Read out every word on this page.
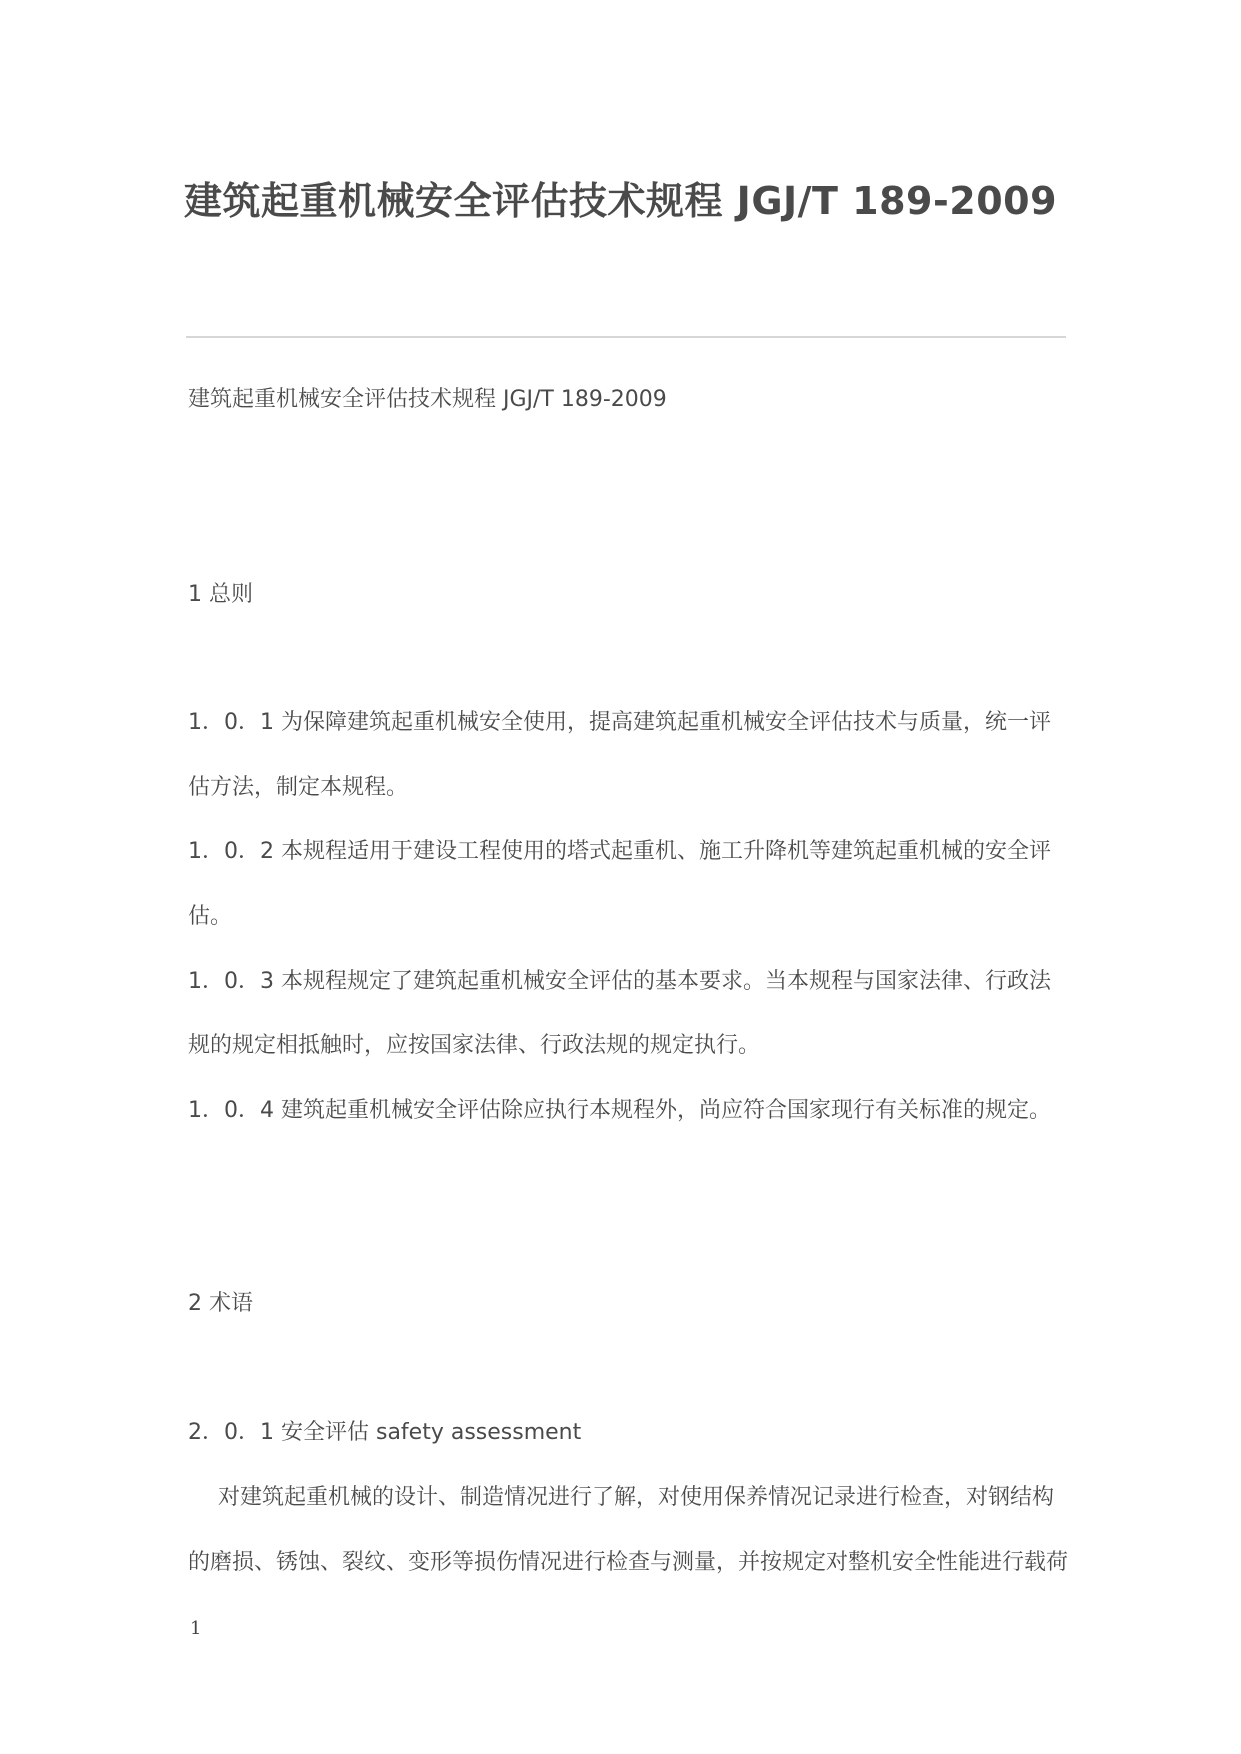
建筑起重机械安全评估技术规程 JGJ/T 189-2009
建筑起重机械安全评估技术规程 JGJ/T 189-2009
1 总则
1．0．1 为保障建筑起重机械安全使用，提高建筑起重机械安全评估技术与质量，统一评
估方法，制定本规程。
1．0．2 本规程适用于建设工程使用的塔式起重机、施工升降机等建筑起重机械的安全评
估。
1．0．3 本规程规定了建筑起重机械安全评估的基本要求。当本规程与国家法律、行政法
规的规定相抵触时，应按国家法律、行政法规的规定执行。
1．0．4 建筑起重机械安全评估除应执行本规程外，尚应符合国家现行有关标准的规定。
2 术语
2．0．1 安全评估 safety assessment
对建筑起重机械的设计、制造情况进行了解，对使用保养情况记录进行检查，对钢结构
的磨损、锈蚀、裂纹、变形等损伤情况进行检查与测量，并按规定对整机安全性能进行载荷
1
